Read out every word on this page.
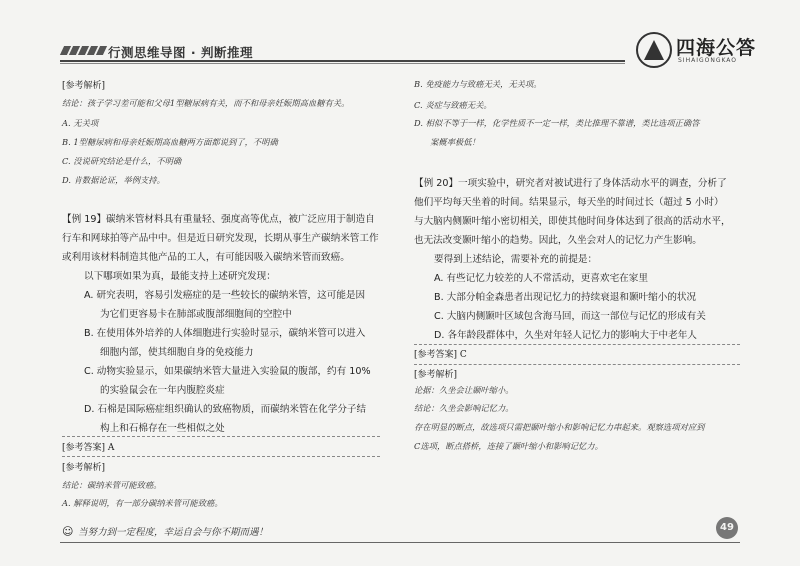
行测思维导图 · 判断推理	四海公答
SIHAIGONGKAO
[参考解析]
结论：孩子学习差可能和父母1型糖尿病有关，而不和母亲妊娠期高血糖有关。
A. 无关项
B. 1型糖尿病和母亲妊娠期高血糖两方面都说到了，不明确
C. 没说研究结论是什么，不明确
D. 肯数据论证，举例支持。
【例 19】碳纳米管材料具有重量轻、强度高等优点，被广泛应用于制造自
行车和网球拍等产品中中。但是近日研究发现，长期从事生产碳纳米管工作
或利用该材料制造其他产品的工人，有可能因吸入碳纳米管而致癌。
以下哪项如果为真，最能支持上述研究发现：
A. 研究表明，容易引发癌症的是一些较长的碳纳米管，这可能是因
为它们更容易卡在肺部或腹部细胞间的空腔中
B. 在使用体外培养的人体细胞进行实验时显示，碳纳米管可以进入
细胞内部，使其细胞自身的免疫能力
C. 动物实验显示，如果碳纳米管大量进入实验鼠的腹部，约有 10%
的实验鼠会在一年内腹腔炎症
D. 石棉是国际癌症组织确认的致癌物质，而碳纳米管在化学分子结
构上和石棉存在一些相似之处
[参考答案] A
[参考解析]
结论：碳纳米管可能致癌。
A. 解释说明，有一部分碳纳米管可能致癌。
B. 免疫能力与致癌无关，无关项。
C. 炎症与致癌无关。
D. 相似不等于一样，化学性质不一定一样，类比推理不靠谱，类比选项正确答
案概率极低！
【例 20】一项实验中，研究者对被试进行了身体活动水平的调查，分析了
他们平均每天坐着的时间。结果显示，每天坐的时间过长（超过 5 小时）
与大脑内侧颞叶缩小密切相关，即使其他时间身体达到了很高的活动水平，
也无法改变颞叶缩小的趋势。因此，久坐会对人的记忆力产生影响。
要得到上述结论，需要补充的前提是：
A. 有些记忆力较差的人不常活动，更喜欢宅在家里
B. 大部分帕金森患者出现记忆力的持续衰退和颞叶缩小的状况
C. 大脑内侧颞叶区域包含海马回，而这一部位与记忆的形成有关
D. 各年龄段群体中，久坐对年轻人记忆力的影响大于中老年人
[参考答案] C
[参考解析]
论据：久坐会让颞叶缩小。
结论：久坐会影响记忆力。
存在明显的断点，故选项只需把颞叶缩小和影响记忆力串起来。观察选项对应到
C选项，断点搭桥，连接了颞叶缩小和影响记忆力。
☺ 当努力到一定程度，幸运自会与你不期而遇！	49
